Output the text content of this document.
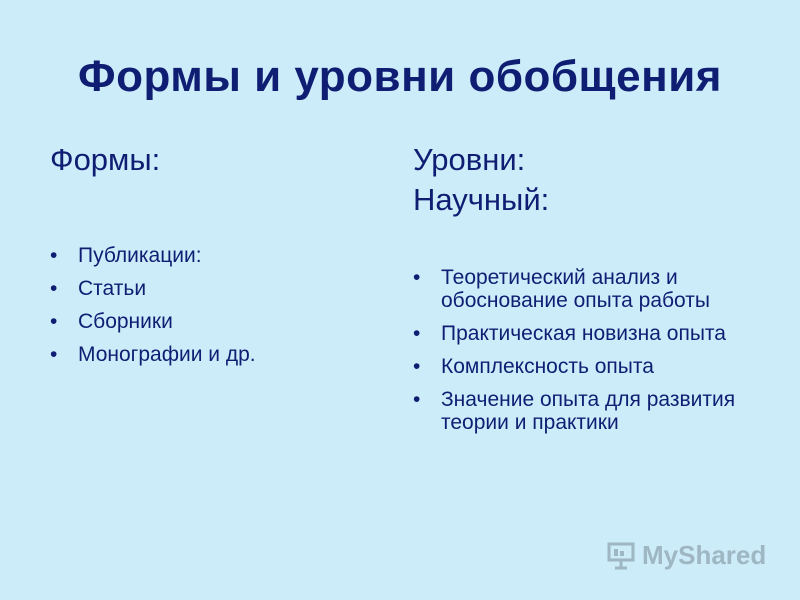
Формы и уровни обобщения

Формы:

• Публикации:
• Статьи
• Сборники
• Монографии и др.

Уровни:

Научный:

• Теоретический анализ и обоснование опыта работы
• Практическая новизна опыта
• Комплексность опыта
• Значение опыта для развития теории и практики
MyShared
